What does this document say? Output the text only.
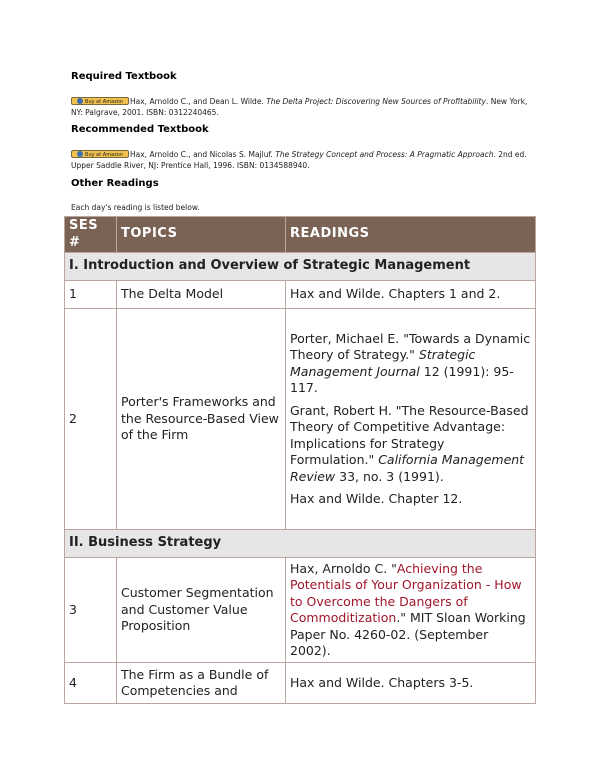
Required Textbook
Buy at Amazon Hax, Arnoldo C., and Dean L. Wilde. The Delta Project: Discovering New Sources of Profitability. New York, NY: Palgrave, 2001. ISBN: 0312240465.
Recommended Textbook
Buy at Amazon Hax, Arnoldo C., and Nicolas S. Majluf. The Strategy Concept and Process: A Pragmatic Approach. 2nd ed. Upper Saddle River, NJ: Prentice Hall, 1996. ISBN: 0134588940.
Other Readings
Each day's reading is listed below.
SES #	TOPICS	READINGS
I. Introduction and Overview of Strategic Management		
1	The Delta Model	Hax and Wilde. Chapters 1 and 2.
2	Porter's Frameworks and the Resource-Based View of the Firm	Porter, Michael E. "Towards a Dynamic Theory of Strategy." Strategic Management Journal 12 (1991): 95-117.

Grant, Robert H. "The Resource-Based Theory of Competitive Advantage: Implications for Strategy Formulation." California Management Review 33, no. 3 (1991).

Hax and Wilde. Chapter 12.

II. Business Strategy		
3	Customer Segmentation and Customer Value Proposition	Hax, Arnoldo C. "Achieving the Potentials of Your Organization - How to Overcome the Dangers of Commoditization." MIT Sloan Working Paper No. 4260-02. (September 2002).
4	The Firm as a Bundle of Competencies and	Hax and Wilde. Chapters 3-5.
